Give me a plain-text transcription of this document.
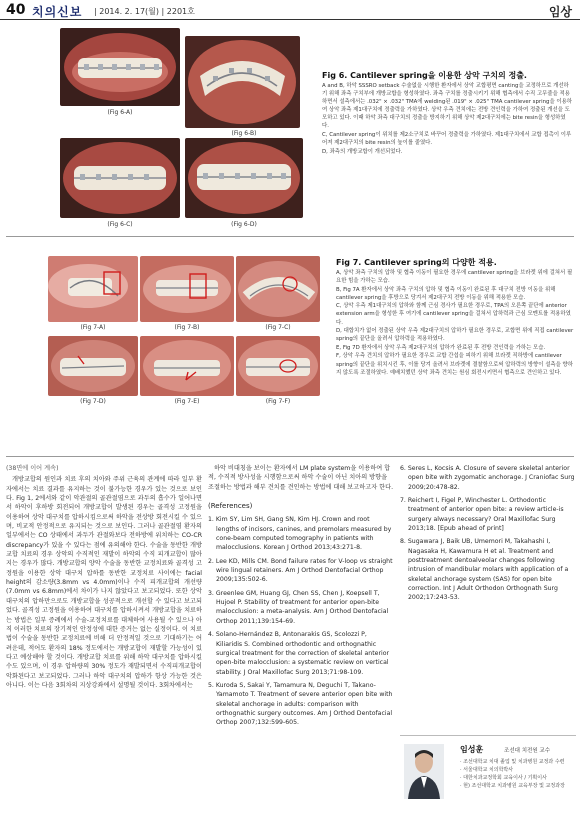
40 치의신보 | 2014. 2. 17(월) | 2201호	임상
(Fig 6-A)
(Fig 6-B)
(Fig 6-C)	(Fig 6-D)
Fig 6. Cantilever spring을 이용한 상악 구치의 정출.

A and B, 하악 SSSRO setback 수술없을 시행한 환자에서 상악 교합평면 canting을 교정하므로 개선하기 위해 좌측 구치부에 개방교합을 형성하였다. 좌측 구치를 정출시키기 위해 협측에서 수직 고무줄을 적용하면서 설측에서는 .032" × .032" TMA에 welding된 .019" × .025" TMA cantilever spring을 이용하여 상악 좌측 제1대구치에 정출력을 가하였다. 상악 우측 견치에는 전방 견인력을 가하여 정출된 개선을 도모하고 있다. 이때 하악 좌측 대구치의 정출을 방지하기 위해 상악 제2대구치에는 bite resin을 형성하였다.

C, Cantilever spring이 위치를 제2소구치로 바꾸어 정출력을 가하였다. 제1대구치에서 교합 접촉이 이루어져 제2대구치의 bite resin의 높이를 줄였다.

D, 좌측의 개방교합이 개선되었다.

(Fig 7-A)	(Fig 7-B)	(Fig 7-C)
(Fig 7-D)	(Fig 7-E)	(Fig 7-F)
Fig 7. Cantilever spring의 다양한 적용.

A, 상악 좌측 구치의 압하 및 협측 이동이 필요한 경우에 cantilever spring을 브라켓 위에 걸쳐서 필요한 힘을 가하는 모습.

B, Fig 7A 환자에서 상악 좌측 구치의 압하 및 협측 이동이 완료된 후 대구치 전방 이동을 위해 cantilever spring을 후방으로 당겨서 제2대구치 전방 이동을 위해 적용한 모습.

C, 상악 우측 제1대구치의 압하와 함께 근심 경사가 필요한 경우로, TPA의 오른쪽 끝단에 anterior extension arm을 형성한 후 여기에 cantilever spring을 걸쳐서 압하력과 근심 모멘트를 적용하였다.

D, 대합치가 없어 정출된 상악 우측 제2대구치의 압하가 필요한 경우로, 교합면 위에 직접 cantilever spring의 끝단을 올려서 압하력을 적용하였다.

E, Fig 7D 환자에서 상악 우측 제2대구치의 압하가 완료된 후 전방 견인력을 가하는 모습.

F, 상악 우측 견치의 압하가 필요한 경우로 교합 간섭을 피하기 위해 브라켓 직하방에 cantilever spring의 끝단을 위치시킨 후, 이를 당겨 올려서 브라켓에 결찰함으로써 압하력의 방향이 설측을 향하지 않도록 조절하였다. 예배치했던 상악 좌측 견치는 원심 회전시키면서 협측으로 견인하고 있다.

(38면에 이어 계속)
개방교합의 원인과 치료 후의 치아와 주위 근육의 관계에 따라 일부 환자에서는 치료 결과를 유지하는 것이 불가능한 경우가 있는 것으로 보인다. Fig 1, 2에서와 같이 악관절의 골관절염으로 과두의 흡수가 일어나면서 하악이 후하방 회전되어 개방교합이 발생된 경우는 골격성 고정원을 이용하여 상악 대구치를 압하시킴으로써 하악을 전상방 회전시킬 수 있으며, 비교적 안정적으로 유지되는 것으로 보인다. 그러나 골관절염 환자의 일부에서는 CO 상태에서 과두가 관절와보다 전하방에 위치하는 CO-CR discrepancy가 있을 수 있다는 점에 유의해야 한다. 수술을 동반한 개방교합 치료의 경우 상악의 수직적인 재발이 하악의 수직 피개교합이 많아지는 경우가 많다. 개방교합의 양악 수술을 동반한 교정치료와 골격성 고정원을 이용한 상악 대구치 압하를 동반한 교정치료 사이에는 facial height의 감소량(3.8mm vs 4.0mm)이나 수직 피개교합의 개선량(7.0mm vs 6.8mm)에서 차이가 나지 않았다고 보고되었다. 또한 상악 대구치의 압하만으로도 개방교합을 성공적으로 개선할 수 있다고 보고되었다. 골격성 고정원을 이용하여 대구치를 압하시켜서 개방교합을 치료하는 방법은 일부 증례에서 수술-교정치료를 대체하여 사용될 수 있으나 아직 이러한 치료의 장기적인 안정성에 대한 증거는 없는 실정이다. 이 치료법이 수술을 동반한 교정치료에 비해 더 안정적일 것으로 기대하기는 어려운데, 적어도 환자의 18% 정도에서는 개방교합이 재발할 가능성이 있다고 예상해야 할 것이다. 개방교합 치료를 위해 하악 대구치를 압하시킬 수도 있으며, 이 경우 압하량의 30% 정도가 재발되면서 수직피개교합이 악화된다고 보고되었다. 그러나 하악 대구치의 압하가 항상 가능한 것은 아니다. 이는 다음 3회차의 지상강좌에서 설명될 것이다. 3회차에서는
하악 비대칭을 보이는 환자에서 LM plate system을 이용하여 합적, 수직적 방사성을 시행함으로써 하악 수술이 아닌 치아의 방향을 조절하는 방법과 해부 견치를 견인하는 방법에 대해 보고하고자 한다.
(References)
1. Kim SY, Lim SH, Gang SN, Kim HJ. Crown and root lengths of incisors, canines, and premolars measured by cone-beam computed tomography in patients with malocclusions. Korean J Orthod 2013;43:271-8.
2. Lee KD, Mills CM. Bond failure rates for V-loop vs straight wire lingual retainers. Am J Orthod Dentofacial Orthop 2009;135:502-6.
3. Greenlee GM, Huang GJ, Chen SS, Chen J, Koepsell T, Hujoel P. Stability of treatment for anterior open-bite malocclusion: a meta-analysis. Am J Orthod Dentofacial Orthop 2011;139:154-69.
4. Solano-Hernández B, Antonarakis GS, Scolozzi P, Kiliaridis S. Combined orthodontic and orthognathic surgical treatment for the correction of skeletal anterior open-bite malocclusion: a systematic review on vertical stability. J Oral Maxillofac Surg 2013;71:98-109.
5. Kuroda S, Sakai Y, Tamamura N, Deguchi T, Takano-Yamamoto T. Treatment of severe anterior open bite with skeletal anchorage in adults: comparison with orthognathic surgery outcomes. Am J Orthod Dentofacial Orthop 2007;132:599-605.
6. Seres L, Kocsis A. Closure of severe skeletal anterior open bite with zygomatic anchorage. J Craniofac Surg 2009;20:478-82.
7. Reichert I, Figel P, Winchester L. Orthodontic treatment of anterior open bite: a review article-is surgery always necessary? Oral Maxillofac Surg 2013;18. [Epub ahead of print]
8. Sugawara J, Baik UB, Umemori M, Takahashi I, Nagasaka H, Kawamura H et al. Treatment and posttreatment dentoalveolar changes following intrusion of mandibular molars with application of a skeletal anchorage system (SAS) for open bite correction. Int J Adult Orthodon Orthognath Surg 2002;17:243-53.
임성훈	조선대 치전원 교수
· 조선대학교 치대 졸업 및 치과병원 교정과 수련
· 서울대학교 치의학박사
· 대한치과교정학회 교육이사 / 기획이사
· 현) 조선대학교 치과병원 교육부장 및 교정과장
